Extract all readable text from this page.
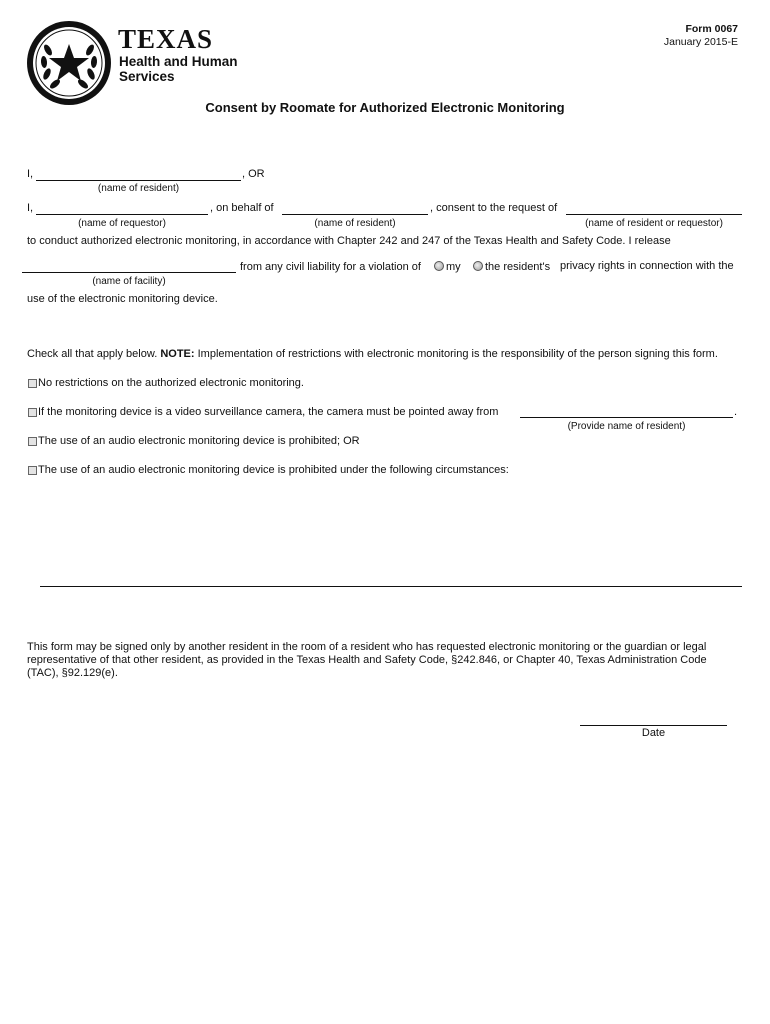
TEXAS
Health and Human
Services
Form 0067
January 2015-E
Consent by Roomate for Authorized Electronic Monitoring
I,	, OR
(name of resident)
I,	, on behalf of	, consent to the request of
(name of requestor)	(name of resident)	(name of resident or requestor)
to conduct authorized electronic monitoring, in accordance with Chapter 242 and 247 of the Texas Health and Safety Code. I release
from any civil liability for a violation of my the resident's privacy rights in connection with the
(name of facility)
use of the electronic monitoring device.
Check all that apply below. NOTE: Implementation of restrictions with electronic monitoring is the responsibility of the person signing this form.
No restrictions on the authorized electronic monitoring.
If the monitoring device is a video surveillance camera, the camera must be pointed away from	.
(Provide name of resident)
The use of an audio electronic monitoring device is prohibited; OR
The use of an audio electronic monitoring device is prohibited under the following circumstances:
This form may be signed only by another resident in the room of a resident who has requested electronic monitoring or the guardian or legal representative of that other resident, as provided in the Texas Health and Safety Code, §242.846, or Chapter 40, Texas Administration Code (TAC), §92.129(e).
Date
